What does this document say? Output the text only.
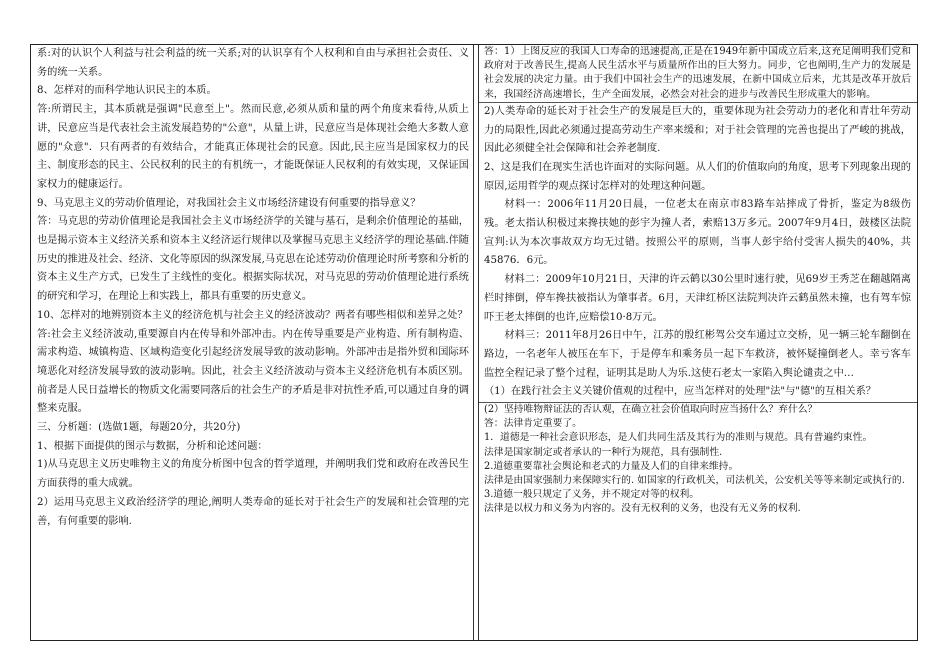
系:对的认识个人利益与社会利益的统一关系;对的认识享有个人权利和自由与承担社会责任、义务的统一关系。

8、怎样对的而科学地认识民主的本质。

答:所谓民主，其本质就是强调"民意至上"。然而民意,必须从质和量的两个角度来看待,从质上讲，民意应当是代表社会主流发展趋势的"公意"，从量上讲，民意应当是体现社会绝大多数人意愿的"众意"．只有两者的有效结合，才能真正体现社会的民意。因此,民主应当是国家权力的民主、制度形态的民主、公民权利的民主的有机统一，才能既保证人民权利的有效实现，又保证国家权力的健康运行。

9、马克思主义的劳动价值理论，对我国社会主义市场经济建设有何重要的指导意义？

答：马克思的劳动价值理论是我国社会主义市场经济学的关键与基石，是剩余价值理论的基础，也是揭示资本主义经济关系和资本主义经济运行规律以及掌握马克思主义经济学的理论基础.伴随历史的推进及社会、经济、文化等原因的纵深发展,马克思在论述劳动价值理论时所考察和分析的资本主义生产方式，已发生了主线性的变化。根据实际状况，对马克思的劳动价值理论进行系统的研究和学习，在理论上和实践上，都具有重要的历史意义。

10、怎样对的地辨别资本主义的经济危机与社会主义的经济波动？两者有哪些相似和差异之处？

答:社会主义经济波动,重要源自内在传导和外部冲击。内在传导重要是产业构造、所有制构造、需求构造、城镇构造、区域构造变化引起经济发展导致的波动影响。外部冲击是指外贸和国际环境恶化对经济发展导致的波动影响。因此，社会主义经济波动与资本主义经济危机有本质区别。前者是人民日益增长的物质文化需要同落后的社会生产的矛盾是非对抗性矛盾,可以通过自身的调整来克服。

三、分析题：(选做1题，每题20分，共20分)

1、根据下面提供的图示与数据，分析和论述问题：

1)从马克思主义历史唯物主义的角度分析图中包含的哲学道理，并阐明我们党和政府在改善民生方面获得的重大成就。

2）运用马克思主义政治经济学的理论,阐明人类寿命的延长对于社会生产的发展和社会管理的完善，有何重要的影响.

答：1）上图反应的我国人口寿命的迅速提高,正是在1949年新中国成立后来,这充足阐明我们党和政府对于改善民生,提高人民生活水平与质量所作出的巨大努力。同步，它也阐明,生产力的发展是社会发展的决定力量。由于我们中国社会生产的迅速发展，在新中国成立后来，尤其是改革开放后来，我国经济高速增长，生产全面发展，必然会对社会的进步与改善民生形成重大的影响。

2)人类寿命的延长对于社会生产的发展是巨大的，重要体现为社会劳动力的老化和青壮年劳动力的局限性,因此必须通过提高劳动生产率来缓和；对于社会管理的完善也提出了严峻的挑战，因此必须健全社会保障和社会养老制度.

2、这是我们在现实生活也许面对的实际问题。从人们的价值取向的角度，思考下列现象出现的原因,运用哲学的观点探讨怎样对的处理这种问题。

材料一：2006年11月20日晨，一位老太在南京市83路车站摔成了骨折，鉴定为8级伤残。老太指认积极过来搀扶她的彭宇为撞人者，索赔13万多元。2007年9月4日，鼓楼区法院宣判:认为本次事故双方均无过错。按照公平的原则，当事人彭宇给付受害人损失的40%，共45876．6元。

材料二：2009年10月21日，天津的许云鹤以30公里时速行驶，见69岁王秀芝在翻越隔离栏时摔倒，停车搀扶被指认为肇事者。6月，天津红桥区法院判决许云鹤虽然未撞，也有驾车惊吓王老太摔倒的也许,应赔偿10·8万元。

材料三：2011年8月26日中午，江苏的殷红彬驾公交车通过立交桥，见一辆三轮车翻倒在路边，一名老年人被压在车下，于是停车和乘务员一起下车救济，被怀疑撞倒老人。幸亏客车监控全程记录了整个过程，证明其是助人为乐.这使石老太一家陷入舆论谴责之中…

（1）在践行社会主义关键价值观的过程中，应当怎样对的处理"法"与"德"的互相关系？

(2）坚持唯物辩证法的否认观，在确立社会价值取向时应当扬什么？弃什么？

答：法律肯定重要了。

1．道德是一种社会意识形态，是人们共同生活及其行为的准则与规范。具有普遍约束性。

法律是国家制定或者承认的一种行为规范，具有强制性.

2.道德重要靠社会舆论和老式的力量及人们的自律来维持。

法律是由国家强制力来保障实行的. 如国家的行政机关，司法机关，公安机关等等来制定或执行的.

3.道德一般只规定了义务，并不规定对等的权利。

法律是以权力和义务为内容的。没有无权利的义务，也没有无义务的权利.
